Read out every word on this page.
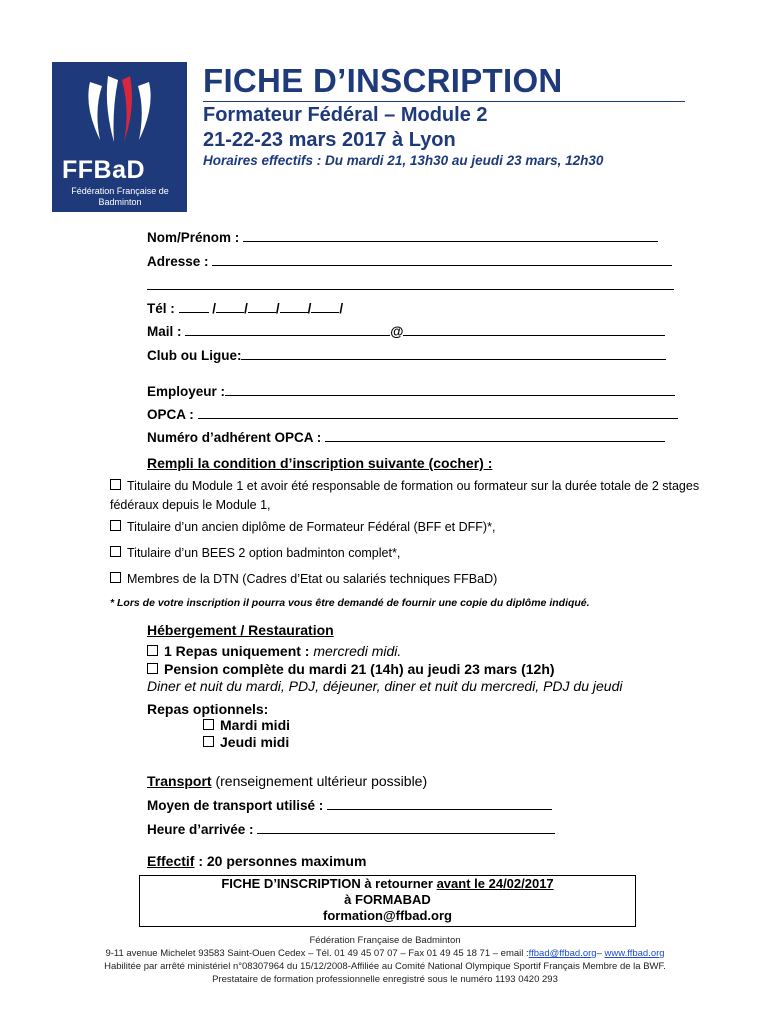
FFBaD
Fédération Française de Badminton
FICHE D’INSCRIPTION
Formateur Fédéral – Module 2
21-22-23 mars 2017 à Lyon
Horaires effectifs : Du mardi 21, 13h30 au jeudi 23 mars, 12h30
Nom/Prénom :
Adresse :
Tél :	/ / / / /
Mail :	@
Club ou Ligue:
Employeur :
OPCA :
Numéro d’adhérent OPCA :
Rempli la condition d’inscription suivante (cocher) :
Titulaire du Module 1 et avoir été responsable de formation ou formateur sur la durée totale de 2 stages fédéraux depuis le Module 1,
Titulaire d’un ancien diplôme de Formateur Fédéral (BFF et DFF)*,
Titulaire d’un BEES 2 option badminton complet*,
Membres de la DTN (Cadres d’Etat ou salariés techniques FFBaD)
* Lors de votre inscription il pourra vous être demandé de fournir une copie du diplôme indiqué.
Hébergement / Restauration
1 Repas uniquement : mercredi midi.
Pension complète du mardi 21 (14h) au jeudi 23 mars (12h)
Diner et nuit du mardi, PDJ, déjeuner, diner et nuit du mercredi, PDJ du jeudi
Repas optionnels:
Mardi midi
Jeudi midi
Transport (renseignement ultérieur possible)
Moyen de transport utilisé :
Heure d’arrivée :
Effectif : 20 personnes maximum
FICHE D’INSCRIPTION à retourner avant le 24/02/2017
à FORMABAD
formation@ffbad.org
Fédération Française de Badminton
9-11 avenue Michelet 93583 Saint-Ouen Cedex – Tél. 01 49 45 07 07 – Fax 01 49 45 18 71 – email :ffbad@ffbad.org– www.ffbad.org
Habilitée par arrêté ministériel n°08307964 du 15/12/2008-Affiliée au Comité National Olympique Sportif Français Membre de la BWF.
Prestataire de formation professionnelle enregistré sous le numéro 1193 0420 293
